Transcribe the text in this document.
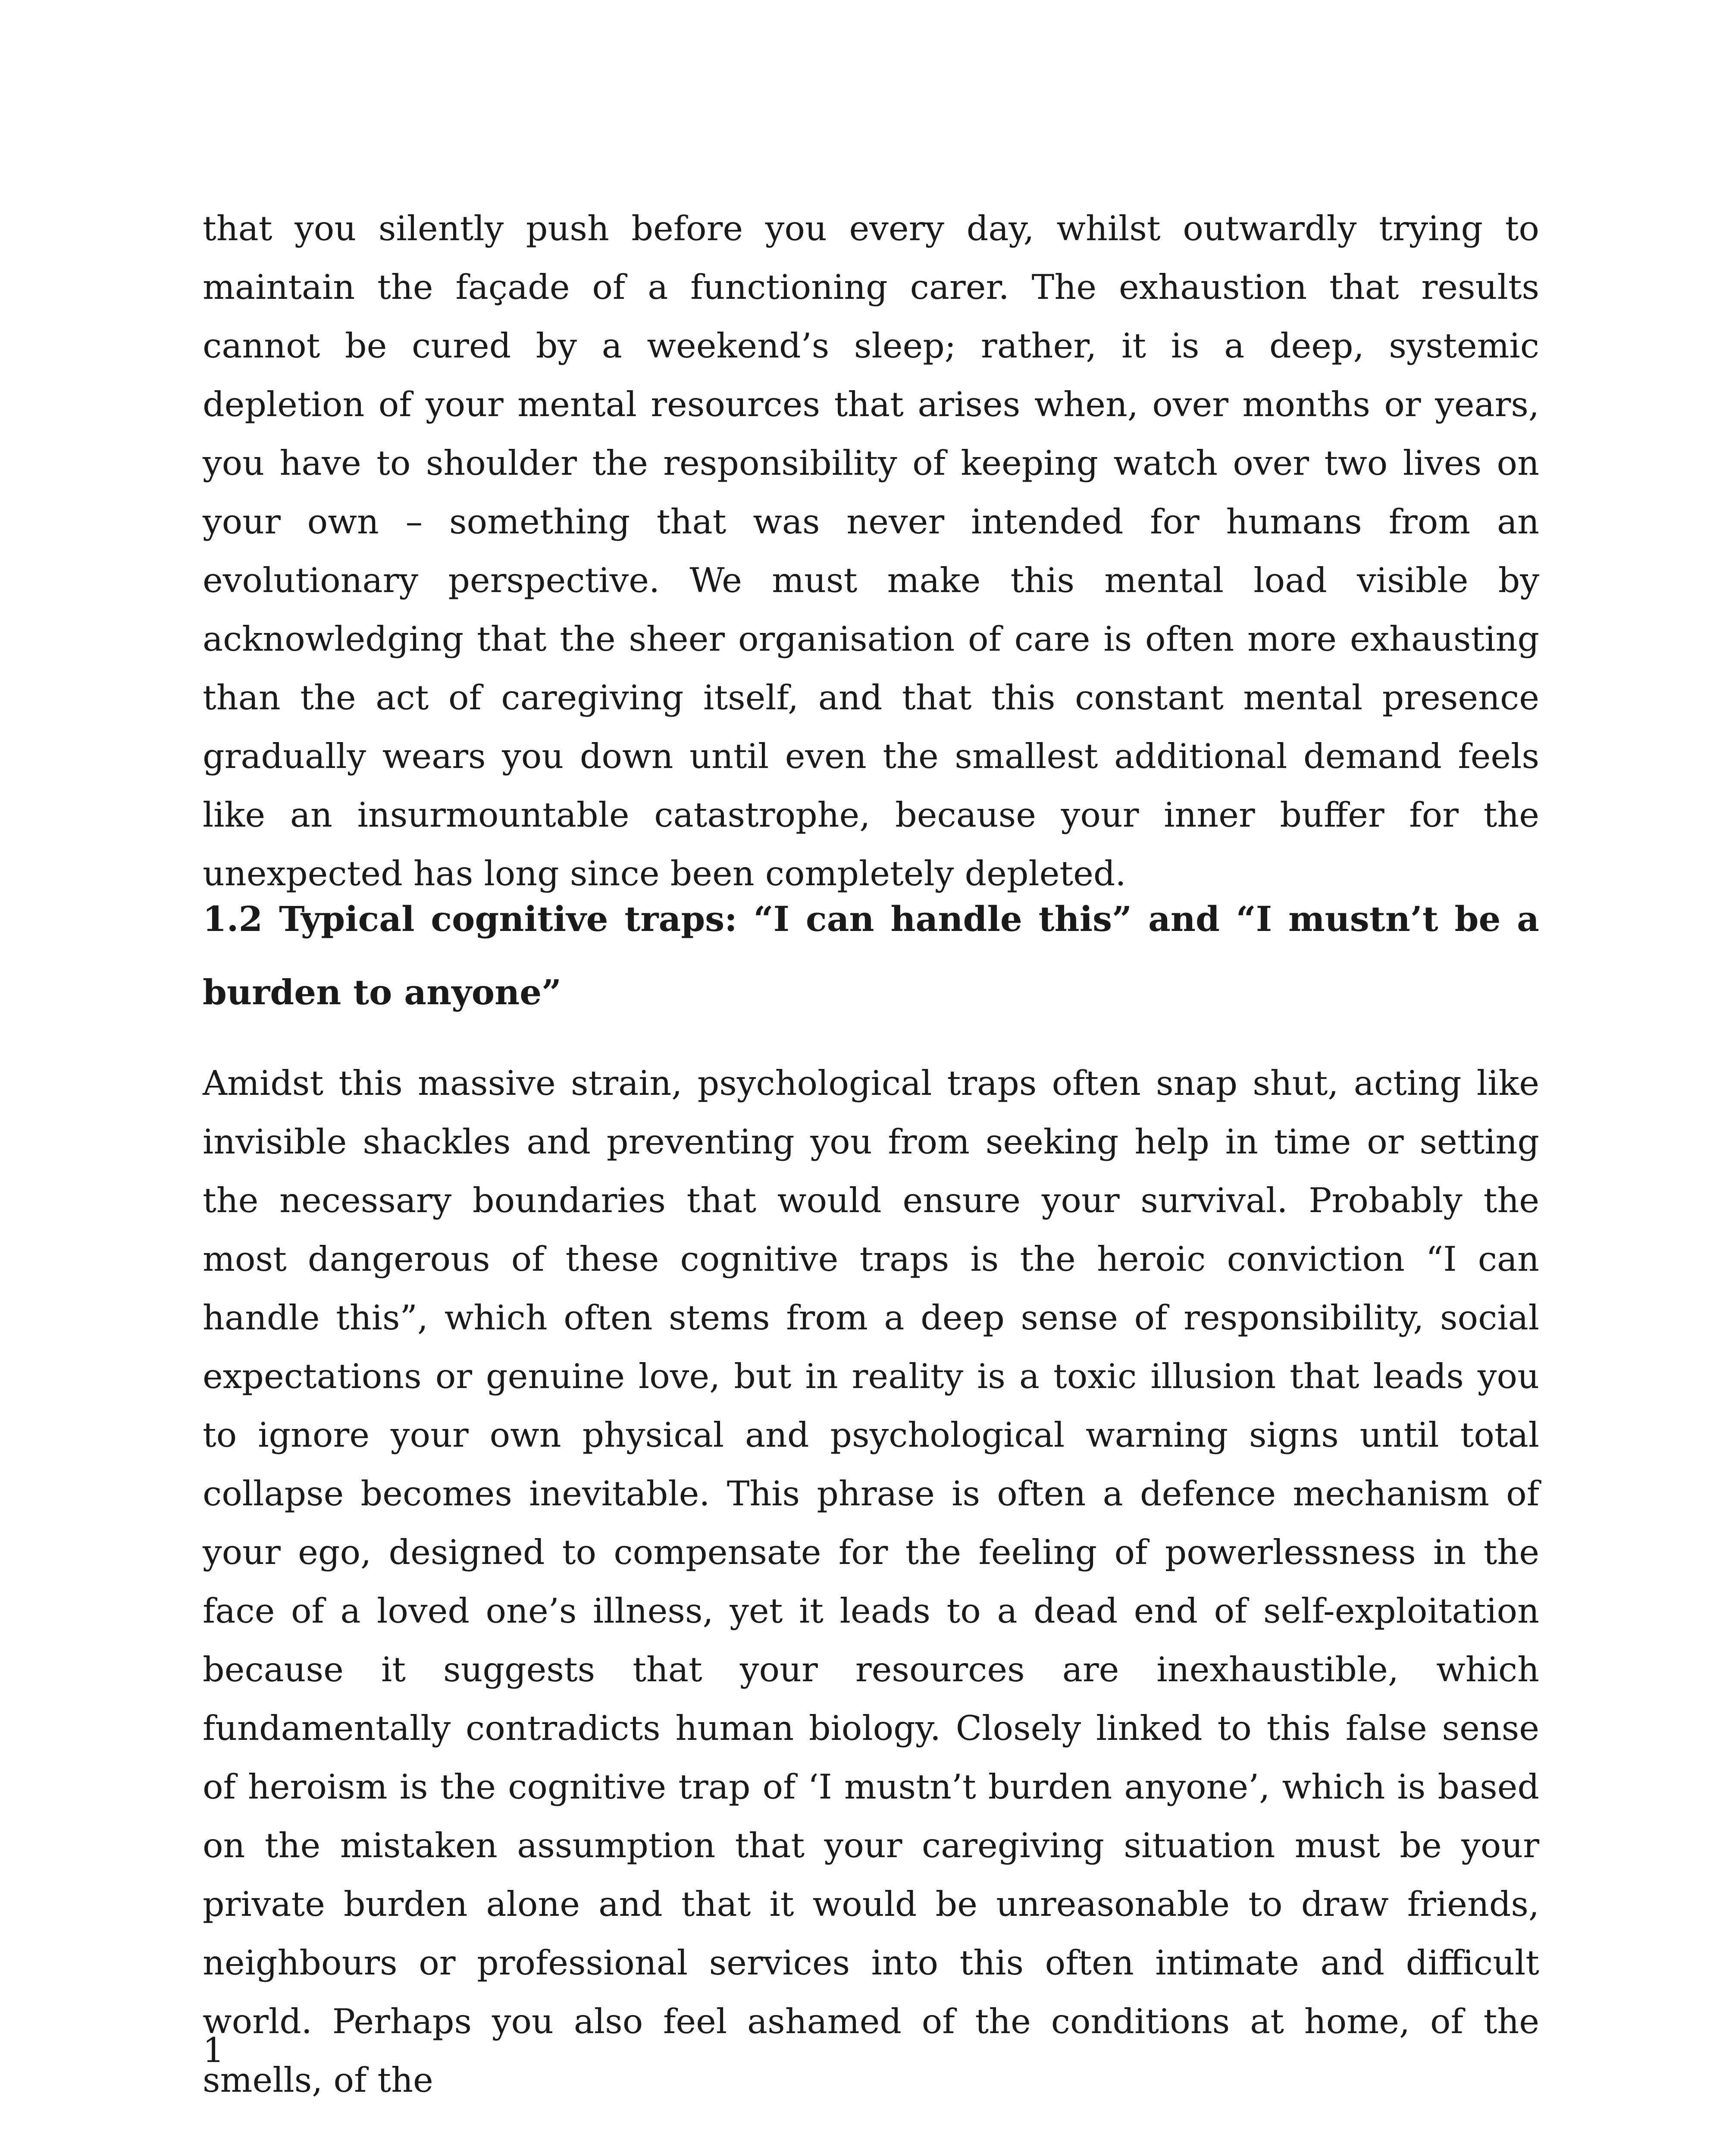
that you silently push before you every day, whilst outwardly trying to maintain the façade of a functioning carer. The exhaustion that results cannot be cured by a weekend’s sleep; rather, it is a deep, systemic depletion of your mental resources that arises when, over months or years, you have to shoulder the responsibility of keeping watch over two lives on your own – something that was never intended for humans from an evolutionary perspective. We must make this mental load visible by acknowledging that the sheer organisation of care is often more exhausting than the act of caregiving itself, and that this constant mental presence gradually wears you down until even the smallest additional demand feels like an insurmountable catastrophe, because your inner buffer for the unexpected has long since been completely depleted.

1.2 Typical cognitive traps: “I can handle this” and “I mustn’t be a burden to anyone”

Amidst this massive strain, psychological traps often snap shut, acting like invisible shackles and preventing you from seeking help in time or setting the necessary boundaries that would ensure your survival. Probably the most dangerous of these cognitive traps is the heroic conviction “I can handle this”, which often stems from a deep sense of responsibility, social expectations or genuine love, but in reality is a toxic illusion that leads you to ignore your own physical and psychological warning signs until total collapse becomes inevitable. This phrase is often a defence mechanism of your ego, designed to compensate for the feeling of powerlessness in the face of a loved one’s illness, yet it leads to a dead end of self-exploitation because it suggests that your resources are inexhaustible, which fundamentally contradicts human biology. Closely linked to this false sense of heroism is the cognitive trap of ‘I mustn’t burden anyone’, which is based on the mistaken assumption that your caregiving situation must be your private burden alone and that it would be unreasonable to draw friends, neighbours or professional services into this often intimate and difficult world. Perhaps you also feel ashamed of the conditions at home, of the smells, of the

1
